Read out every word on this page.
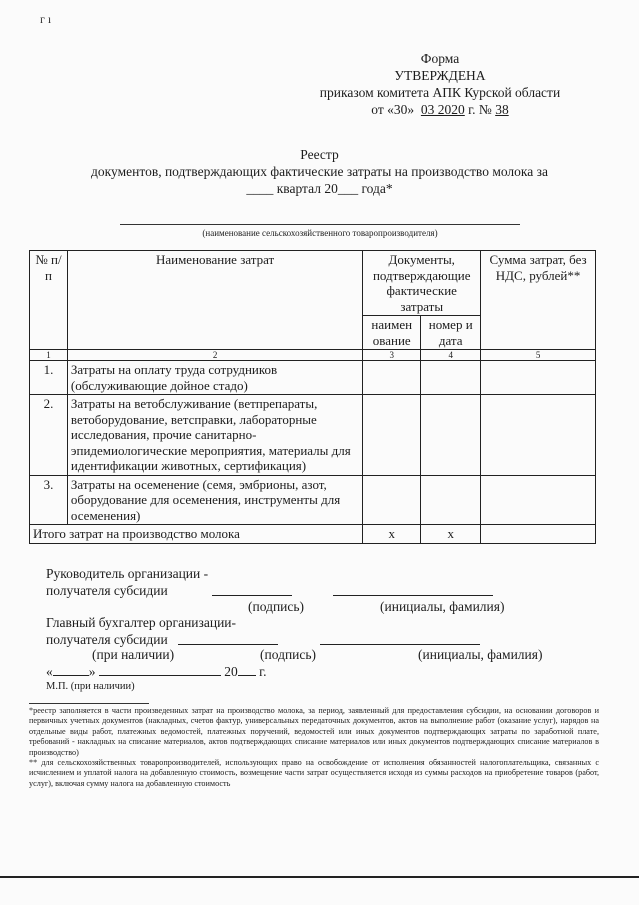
г ı
Форма
УТВЕРЖДЕНА
приказом комитета АПК Курской области
от «30» 03 2020 г. № 38
Реестр
документов, подтверждающих фактические затраты на производство молока за
____ квартал 20___ года*
(наименование сельскохозяйственного товаропроизводителя)
№ п/п	Наименование затрат	Документы, подтверждающие фактические затраты		Сумма затрат, без НДС, рублей**
		наимен ование	номер и дата	
1	2	3	4	5
1.	Затраты на оплату труда сотрудников (обслуживающие дойное стадо)			
2.	Затраты на ветобслуживание (ветпрепараты, ветоборудование, ветсправки, лабораторные исследования, прочие санитарно-эпидемиологические мероприятия, материалы для идентификации животных, сертификация)			
3.	Затраты на осеменение (семя, эмбрионы, азот, оборудование для осеменения, инструменты для осеменения)			
Итого затрат на производство молока		х	х	
Руководитель организации -
получателя субсидии
(подпись)	(инициалы, фамилия)
Главный бухгалтер организации-
получателя субсидии
(при наличии)	(подпись)	(инициалы, фамилия)
«	»	20 г.
М.П. (при наличии)
*реестр заполняется в части произведенных затрат на производство молока, за период, заявленный для предоставления субсидии, на основании договоров и первичных учетных документов (накладных, счетов фактур, универсальных передаточных документов, актов на выполнение работ (оказание услуг), нарядов на отдельные виды работ, платежных ведомостей, платежных поручений, ведомостей или иных документов подтверждающих затраты по заработной плате, требований - накладных на списание материалов, актов подтверждающих списание материалов или иных документов подтверждающих списание материалов в производство)
** для сельскохозяйственных товаропроизводителей, использующих право на освобождение от исполнения обязанностей налогоплательщика, связанных с исчислением и уплатой налога на добавленную стоимость, возмещение части затрат осуществляется исходя из суммы расходов на приобретение товаров (работ, услуг), включая сумму налога на добавленную стоимость
